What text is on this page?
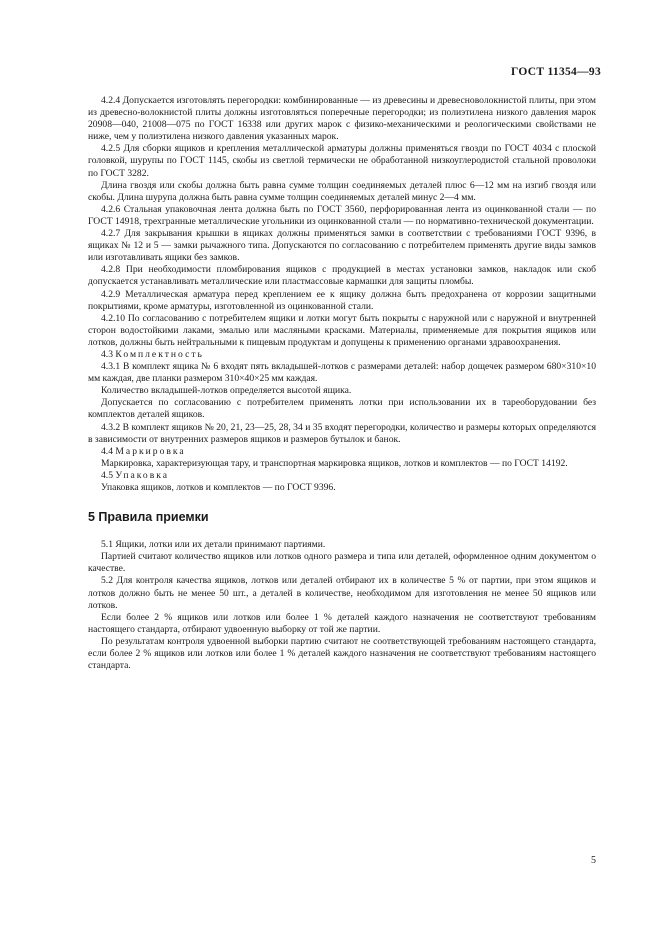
ГОСТ 11354—93

4.2.4 Допускается изготовлять перегородки: комбинированные — из древесины и древесноволокнистой плиты, при этом из древесно-волокнистой плиты должны изготовляться поперечные перегородки; из полиэтилена низкого давления марок 20908—040, 21008—075 по ГОСТ 16338 или других марок с физико-механическими и реологическими свойствами не ниже, чем у полиэтилена низкого давления указанных марок.

4.2.5 Для сборки ящиков и крепления металлической арматуры должны применяться гвозди по ГОСТ 4034 с плоской головкой, шурупы по ГОСТ 1145, скобы из светлой термически не обработанной низкоуглеродистой стальной проволоки по ГОСТ 3282.

Длина гвоздя или скобы должна быть равна сумме толщин соединяемых деталей плюс 6—12 мм на изгиб гвоздя или скобы. Длина шурупа должна быть равна сумме толщин соединяемых деталей минус 2—4 мм.

4.2.6 Стальная упаковочная лента должна быть по ГОСТ 3560, перфорированная лента из оцинкованной стали — по ГОСТ 14918, трехгранные металлические угольники из оцинкованной стали — по нормативно-технической документации.

4.2.7 Для закрывания крышки в ящиках должны применяться замки в соответствии с требованиями ГОСТ 9396, в ящиках № 12 и 5 — замки рычажного типа. Допускаются по согласованию с потребителем применять другие виды замков или изготавливать ящики без замков.

4.2.8 При необходимости пломбирования ящиков с продукцией в местах установки замков, накладок или скоб допускается устанавливать металлические или пластмассовые кармашки для защиты пломбы.

4.2.9 Металлическая арматура перед креплением ее к ящику должна быть предохранена от коррозии защитными покрытиями, кроме арматуры, изготовленной из оцинкованной стали.

4.2.10 По согласованию с потребителем ящики и лотки могут быть покрыты с наружной или с наружной и внутренней сторон водостойкими лаками, эмалью или масляными красками. Материалы, применяемые для покрытия ящиков или лотков, должны быть нейтральными к пищевым продуктам и допущены к применению органами здравоохранения.

4.3 Комплектность

4.3.1 В комплект ящика № 6 входят пять вкладышей-лотков с размерами деталей: набор дощечек размером 680×310×10 мм каждая, две планки размером 310×40×25 мм каждая.

Количество вкладышей-лотков определяется высотой ящика.

Допускается по согласованию с потребителем применять лотки при использовании их в тареоборудовании без комплектов деталей ящиков.

4.3.2 В комплект ящиков № 20, 21, 23—25, 28, 34 и 35 входят перегородки, количество и размеры которых определяются в зависимости от внутренних размеров ящиков и размеров бутылок и банок.

4.4 Маркировка

Маркировка, характеризующая тару, и транспортная маркировка ящиков, лотков и комплектов — по ГОСТ 14192.

4.5 Упаковка

Упаковка ящиков, лотков и комплектов — по ГОСТ 9396.

5 Правила приемки

5.1 Ящики, лотки или их детали принимают партиями.

Партией считают количество ящиков или лотков одного размера и типа или деталей, оформленное одним документом о качестве.

5.2 Для контроля качества ящиков, лотков или деталей отбирают их в количестве 5 % от партии, при этом ящиков и лотков должно быть не менее 50 шт., а деталей в количестве, необходимом для изготовления не менее 50 ящиков или лотков.

Если более 2 % ящиков или лотков или более 1 % деталей каждого назначения не соответствуют требованиям настоящего стандарта, отбирают удвоенную выборку от той же партии.

По результатам контроля удвоенной выборки партию считают не соответствующей требованиям настоящего стандарта, если более 2 % ящиков или лотков или более 1 % деталей каждого назначения не соответствуют требованиям настоящего стандарта.

5
